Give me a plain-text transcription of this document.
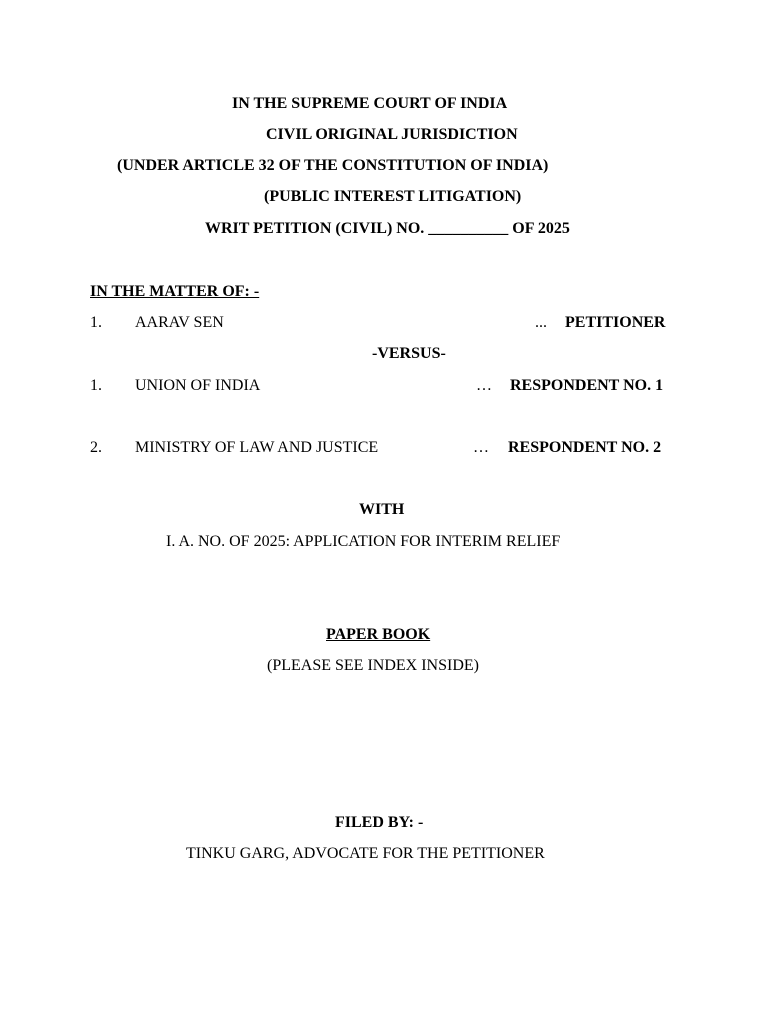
IN THE SUPREME COURT OF INDIA
CIVIL ORIGINAL JURISDICTION
(UNDER ARTICLE 32 OF THE CONSTITUTION OF INDIA)
(PUBLIC INTEREST LITIGATION)
WRIT PETITION (CIVIL) NO. __________ OF 2025
IN THE MATTER OF: -
1. AARAV SEN	... PETITIONER
-VERSUS-
1. UNION OF INDIA	… RESPONDENT NO. 1
2. MINISTRY OF LAW AND JUSTICE	… RESPONDENT NO. 2
WITH
I. A. NO. OF 2025: APPLICATION FOR INTERIM RELIEF
PAPER BOOK
(PLEASE SEE INDEX INSIDE)
FILED BY: -
TINKU GARG, ADVOCATE FOR THE PETITIONER
